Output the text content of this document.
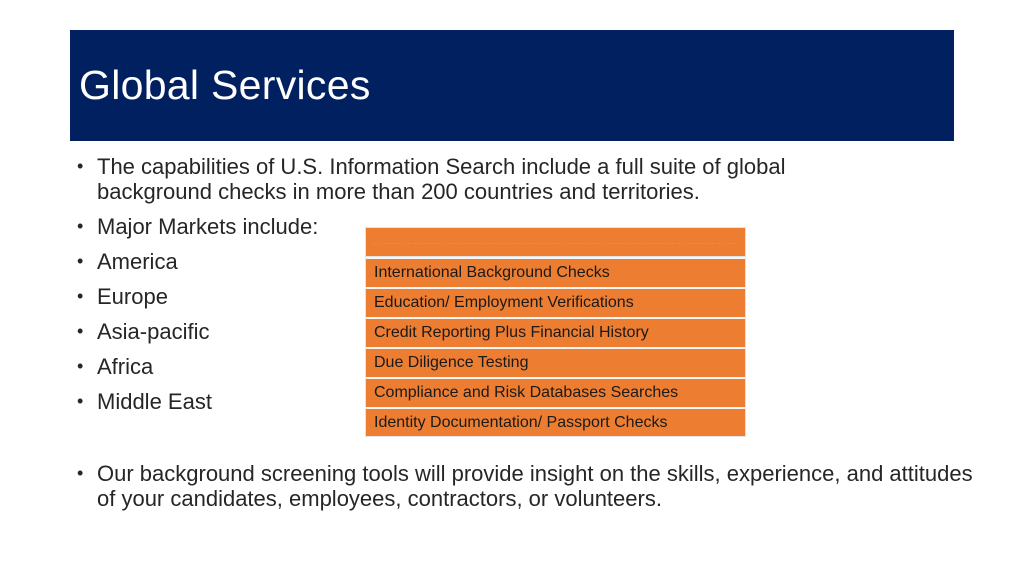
Global Services
• The capabilities of U.S. Information Search include a full suite of global background checks in more than 200 countries and territories.
• Major Markets include:
• America
• Europe
• Asia-pacific
• Africa
• Middle East
• Our background screening tools will provide insight on the skills, experience, and attitudes of your candidates, employees, contractors, or volunteers.
International Background Checks
Education/ Employment Verifications
Credit Reporting Plus Financial History
Due Diligence Testing
Compliance and Risk Databases Searches
Identity Documentation/ Passport Checks
